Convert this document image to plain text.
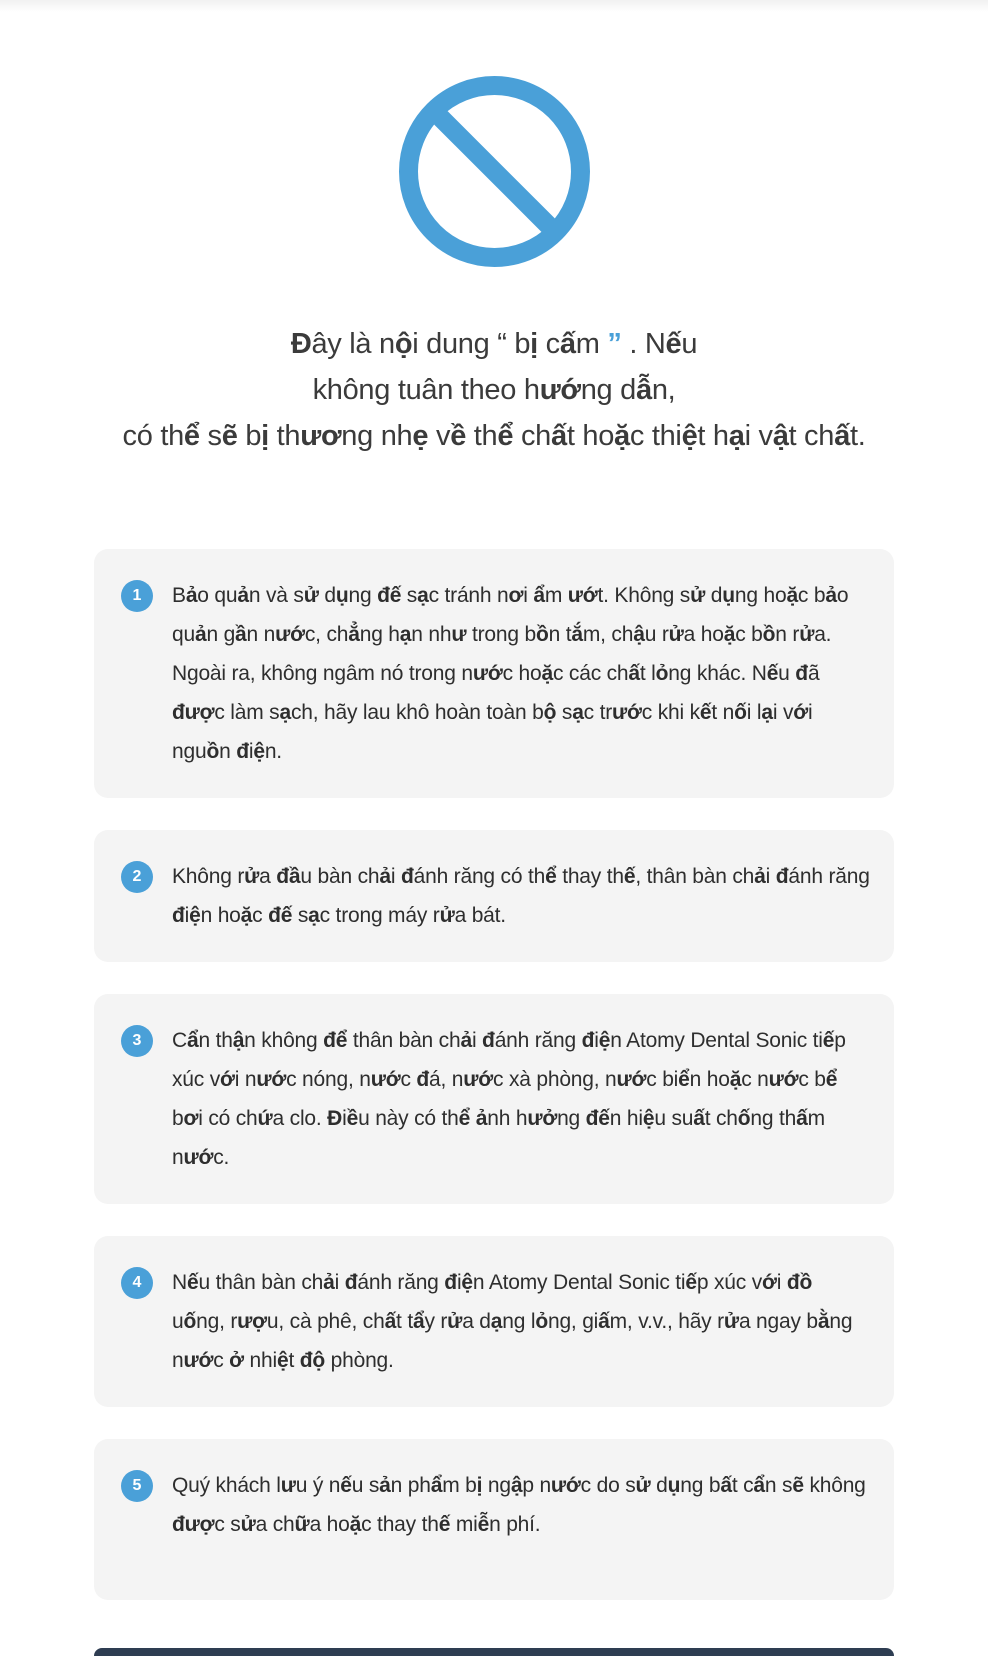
Đây là nội dung “ bị cấm ” . Nếu
không tuân theo hướng dẫn,
có thể sẽ bị thương nhẹ về thể chất hoặc thiệt hại vật chất.
1	Bảo quản và sử dụng đế sạc tránh nơi ẩm ướt. Không sử dụng hoặc bảo quản gần nước, chẳng hạn như trong bồn tắm, chậu rửa hoặc bồn rửa. Ngoài ra, không ngâm nó trong nước hoặc các chất lỏng khác. Nếu đã được làm sạch, hãy lau khô hoàn toàn bộ sạc trước khi kết nối lại với nguồn điện.

2	Không rửa đầu bàn chải đánh răng có thể thay thế, thân bàn chải đánh răng điện hoặc đế sạc trong máy rửa bát.

3	Cẩn thận không để thân bàn chải đánh răng điện Atomy Dental Sonic tiếp xúc với nước nóng, nước đá, nước xà phòng, nước biển hoặc nước bể bơi có chứa clo. Điều này có thể ảnh hưởng đến hiệu suất chống thấm nước.

4	Nếu thân bàn chải đánh răng điện Atomy Dental Sonic tiếp xúc với đồ uống, rượu, cà phê, chất tẩy rửa dạng lỏng, giấm, v.v., hãy rửa ngay bằng nước ở nhiệt độ phòng.

5	Quý khách lưu ý nếu sản phẩm bị ngập nước do sử dụng bất cẩn sẽ không được sửa chữa hoặc thay thế miễn phí.
